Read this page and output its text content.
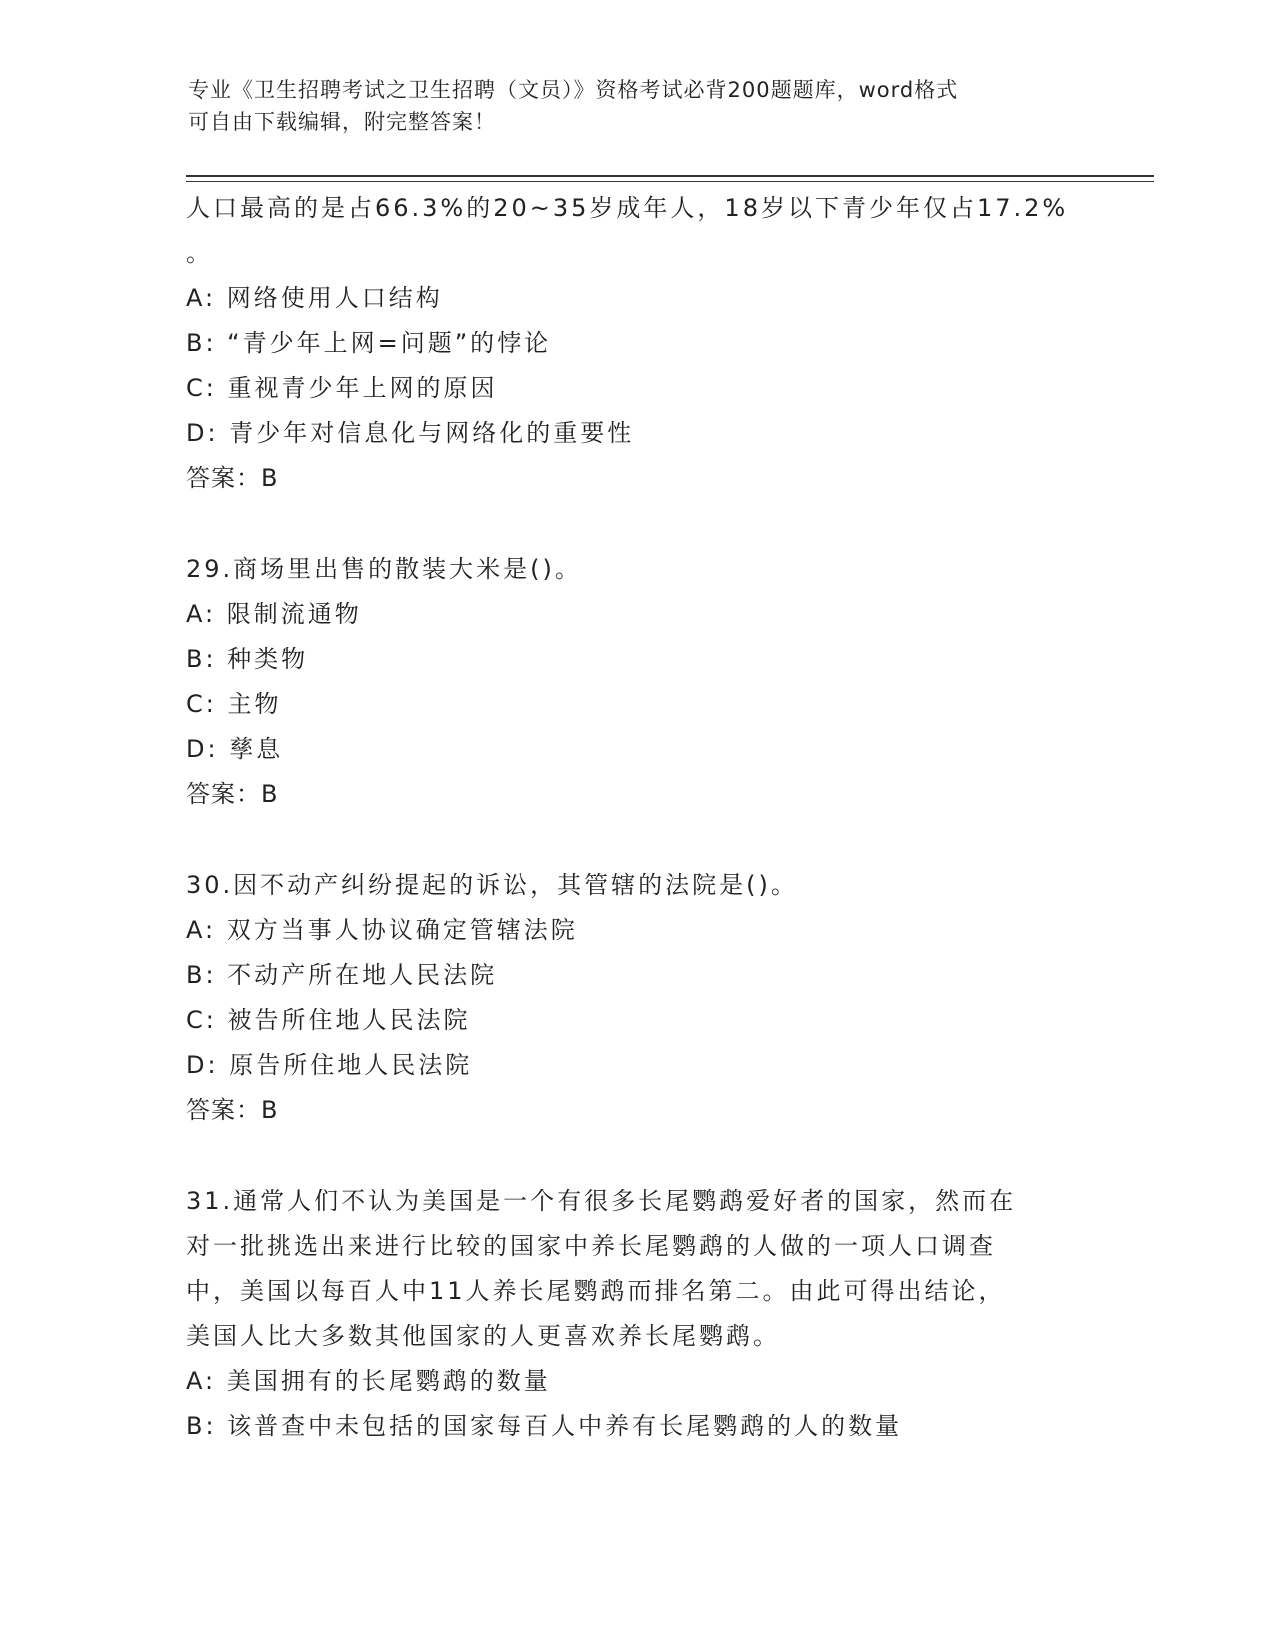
专业《卫生招聘考试之卫生招聘（文员）》资格考试必背200题题库，word格式
可自由下载编辑，附完整答案！
人口最高的是占66.3%的20~35岁成年人，18岁以下青少年仅占17.2%
。
A: 网络使用人口结构
B: “青少年上网=问题”的悖论
C: 重视青少年上网的原因
D: 青少年对信息化与网络化的重要性
答案：B
29.商场里出售的散装大米是()。
A: 限制流通物
B: 种类物
C: 主物
D: 孳息
答案：B
30.因不动产纠纷提起的诉讼，其管辖的法院是()。
A: 双方当事人协议确定管辖法院
B: 不动产所在地人民法院
C: 被告所住地人民法院
D: 原告所住地人民法院
答案：B
31.通常人们不认为美国是一个有很多长尾鹦鹉爱好者的国家，然而在
对一批挑选出来进行比较的国家中养长尾鹦鹉的人做的一项人口调查
中，美国以每百人中11人养长尾鹦鹉而排名第二。由此可得出结论，
美国人比大多数其他国家的人更喜欢养长尾鹦鹉。
A: 美国拥有的长尾鹦鹉的数量
B: 该普查中未包括的国家每百人中养有长尾鹦鹉的人的数量
